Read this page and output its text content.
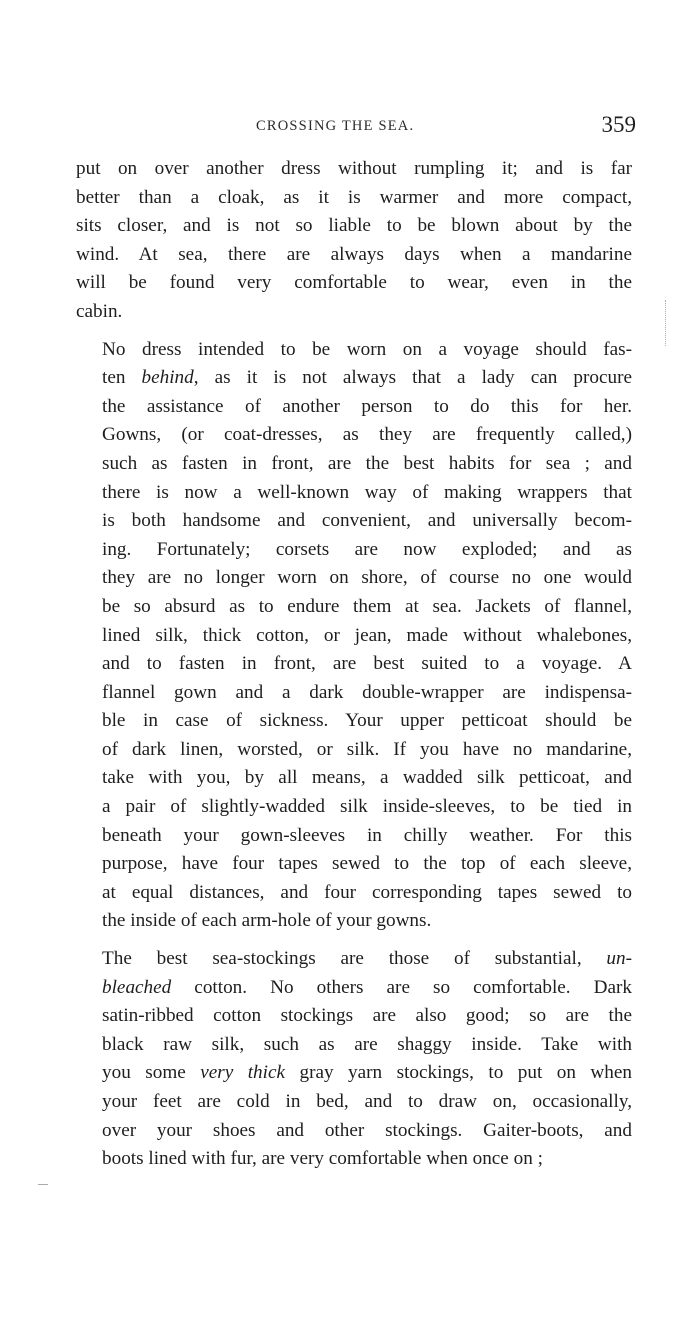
CROSSING THE SEA.	359

put on over another dress without rumpling it; and is far
better than a cloak, as it is warmer and more compact,
sits closer, and is not so liable to be blown about by the
wind. At sea, there are always days when a mandarine
will be found very comfortable to wear, even in the
cabin.

No dress intended to be worn on a voyage should fas-
ten behind, as it is not always that a lady can procure
the assistance of another person to do this for her.
Gowns, (or coat-dresses, as they are frequently called,)
such as fasten in front, are the best habits for sea ; and
there is now a well-known way of making wrappers that
is both handsome and convenient, and universally becom-
ing. Fortunately; corsets are now exploded; and as
they are no longer worn on shore, of course no one would
be so absurd as to endure them at sea. Jackets of flannel,
lined silk, thick cotton, or jean, made without whalebones,
and to fasten in front, are best suited to a voyage. A
flannel gown and a dark double-wrapper are indispensa-
ble in case of sickness. Your upper petticoat should be
of dark linen, worsted, or silk. If you have no mandarine,
take with you, by all means, a wadded silk petticoat, and
a pair of slightly-wadded silk inside-sleeves, to be tied in
beneath your gown-sleeves in chilly weather. For this
purpose, have four tapes sewed to the top of each sleeve,
at equal distances, and four corresponding tapes sewed to
the inside of each arm-hole of your gowns.

The best sea-stockings are those of substantial, un-
bleached cotton. No others are so comfortable. Dark
satin-ribbed cotton stockings are also good; so are the
black raw silk, such as are shaggy inside. Take with
you some very thick gray yarn stockings, to put on when
your feet are cold in bed, and to draw on, occasionally,
over your shoes and other stockings. Gaiter-boots, and
boots lined with fur, are very comfortable when once on ;
